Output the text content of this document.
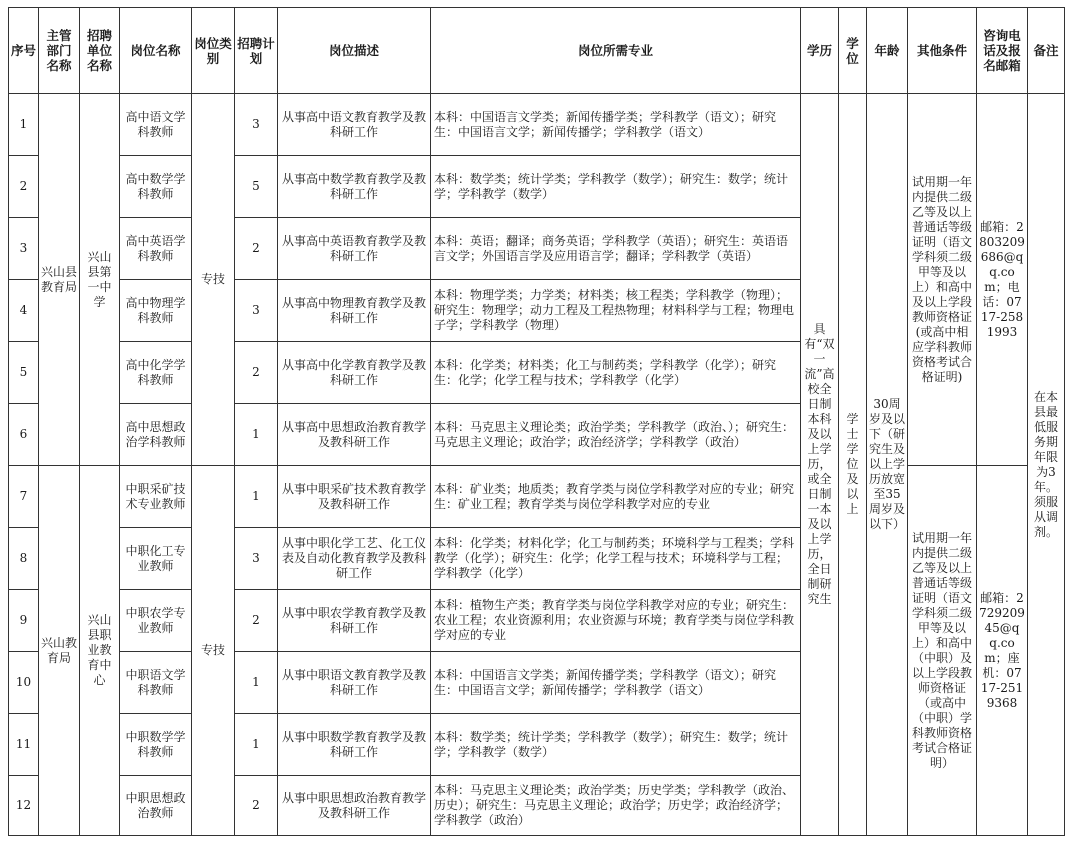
序号	主管部门名称	招聘单位名称	岗位名称	岗位类别	招聘计划	岗位描述	岗位所需专业	学历	学位	年龄	其他条件	咨询电话及报名邮箱	备注
1	兴山县教育局	兴山县第一中学	高中语文学科教师	专技	3	从事高中语文教育教学及教科研工作	本科：中国语言文学类；新闻传播学类；学科教学（语文）；研究生：中国语言文学；新闻传播学；学科教学（语文）	具有“双一流”高校全日制本科及以上学历，或全日制一本及以上学历，全日制研究生	学士学位及以上	30周岁及以下（研究生及以上学历放宽至35周岁及以下）	试用期一年内提供二级乙等及以上普通话等级证明（语文学科须二级甲等及以上）和高中及以上学段教师资格证(或高中相应学科教师资格考试合格证明)	邮箱：2803209686@qq.com；电话：0717-2581993	在本县最低服务期年限为3年。须服从调剂。
2			高中数学学科教师		5	从事高中数学教育教学及教科研工作	本科：数学类；统计学类；学科教学（数学）；研究生：数学；统计学；学科教学（数学）						
3			高中英语学科教师		2	从事高中英语教育教学及教科研工作	本科：英语；翻译；商务英语；学科教学（英语）；研究生：英语语言文学；外国语言学及应用语言学；翻译；学科教学（英语）						
4			高中物理学科教师		3	从事高中物理教育教学及教科研工作	本科：物理学类；力学类；材料类；核工程类；学科教学（物理）；研究生：物理学；动力工程及工程热物理；材料科学与工程；物理电子学；学科教学（物理）						
5			高中化学学科教师		2	从事高中化学教育教学及教科研工作	本科：化学类；材料类；化工与制药类；学科教学（化学）；研究生：化学；化学工程与技术；学科教学（化学）						
6			高中思想政治学科教师		1	从事高中思想政治教育教学及教科研工作	本科：马克思主义理论类；政治学类；学科教学（政治、）；研究生：马克思主义理论；政治学；政治经济学；学科教学（政治）						
7	兴山教育局	兴山县职业教育中心	中职采矿技术专业教师	专技	1	从事中职采矿技术教育教学及教科研工作	本科：矿业类；地质类；教育学类与岗位学科教学对应的专业；研究生：矿业工程；教育学类与岗位学科教学对应的专业				试用期一年内提供二级乙等及以上普通话等级证明（语文学科须二级甲等及以上）和高中（中职）及以上学段教师资格证（或高中（中职）学科教师资格考试合格证明）	邮箱：272920945@qq.com；座机：0717-2519368	
8			中职化工专业教师		3	从事中职化学工艺、化工仪表及自动化教育教学及教科研工作	本科：化学类；材料化学；化工与制药类；环境科学与工程类；学科教学（化学）；研究生：化学；化学工程与技术；环境科学与工程；学科教学（化学）						
9			中职农学专业教师		2	从事中职农学教育教学及教科研工作	本科：植物生产类；教育学类与岗位学科教学对应的专业；研究生：农业工程；农业资源利用；农业资源与环境；教育学类与岗位学科教学对应的专业						
10			中职语文学科教师		1	从事中职语文教育教学及教科研工作	本科：中国语言文学类；新闻传播学类；学科教学（语文）；研究生：中国语言文学；新闻传播学；学科教学（语文）						
11			中职数学学科教师		1	从事中职数学教育教学及教科研工作	本科：数学类；统计学类；学科教学（数学）；研究生：数学；统计学；学科教学（数学）						
12			中职思想政治教师		2	从事中职思想政治教育教学及教科研工作	本科：马克思主义理论类；政治学类；历史学类；学科教学（政治、历史）；研究生：马克思主义理论；政治学；历史学；政治经济学；学科教学（政治）						
